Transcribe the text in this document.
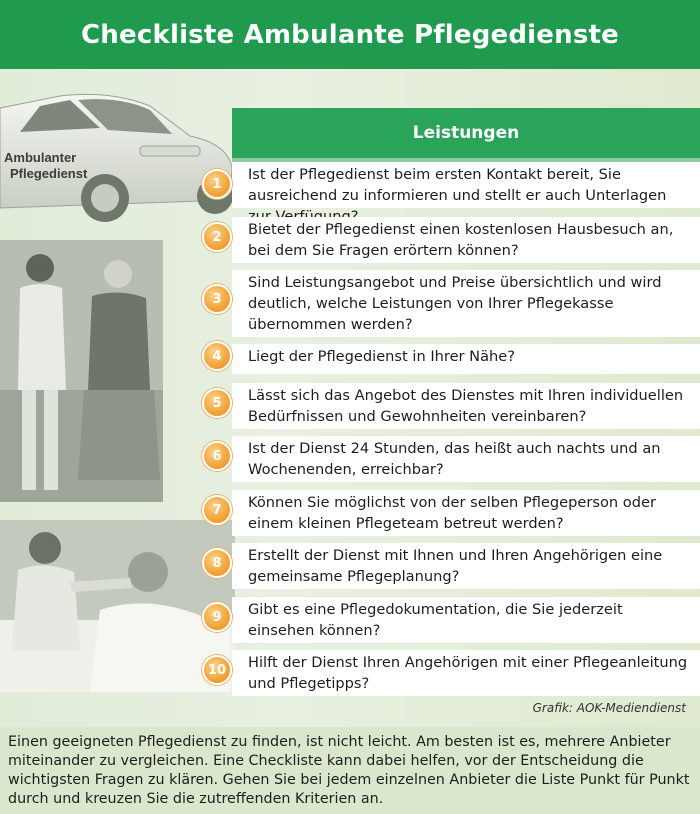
Checkliste Ambulante Pflegedienste
Ambulanter
Pflegedienst
Leistungen
Ist der Pflegedienst beim ersten Kontakt bereit, Sie ausreichend zu informieren und stellt er auch Unterlagen
Bietet der Pflegedienst einen kostenlosen Hausbesuch an, bei dem Sie Fragen erörtern können?
Sind Leistungsangebot und Preise übersichtlich und wird deutlich, welche Leistungen von Ihrer Pflegekasse übernommen werden?
Liegt der Pflegedienst in Ihrer Nähe?
Lässt sich das Angebot des Dienstes mit Ihren individuellen Bedürfnissen und Gewohnheiten vereinbaren?
Ist der Dienst 24 Stunden, das heißt auch nachts und an Wochenenden, erreichbar?
Können Sie möglichst von der selben Pflegeperson oder einem kleinen Pflegeteam betreut werden?
Erstellt der Dienst mit Ihnen und Ihren Angehörigen eine gemeinsame Pflegeplanung?
Gibt es eine Pflegedokumentation, die Sie jederzeit einsehen können?
Hilft der Dienst Ihren Angehörigen mit einer Pflegeanleitung und Pflegetipps?
1
2
3
4
5
6
7
8
9
10
Grafik: AOK-Mediendienst

Einen geeigneten Pflegedienst zu finden, ist nicht leicht. Am besten ist es, mehrere Anbieter miteinander zu vergleichen. Eine Checkliste kann dabei helfen, vor der Entscheidung die wichtigsten Fragen zu klären. Gehen Sie bei jedem einzelnen Anbieter die Liste Punkt für Punkt durch und kreuzen Sie die zutreffenden Kriterien an.
